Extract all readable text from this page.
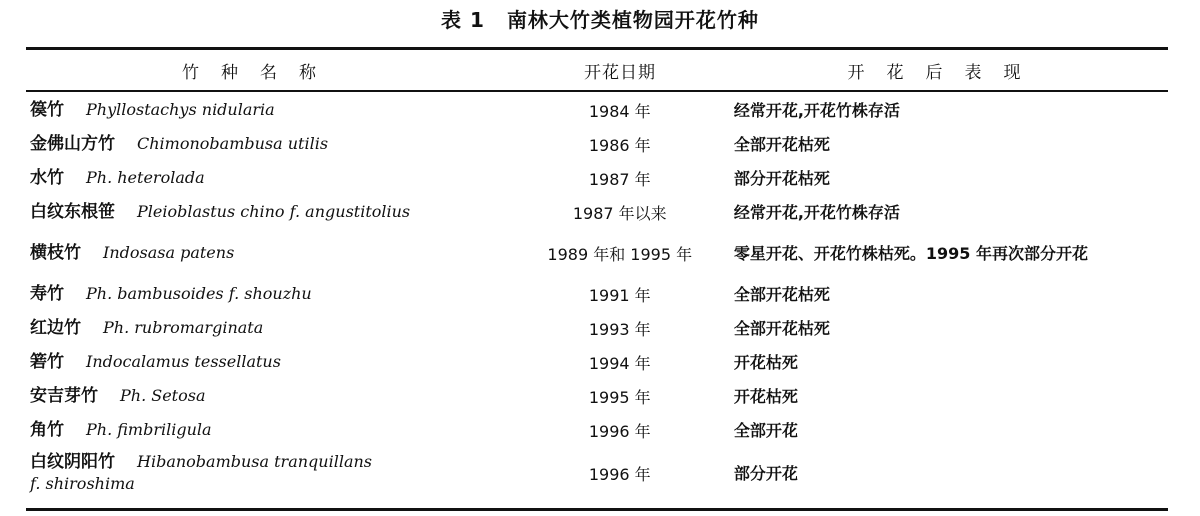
表 1 南林大竹类植物园开花竹种
竹种名称	开花日期	开花后表现
篌竹 Phyllostachys nidularia	1984 年	经常开花,开花竹株存活
金佛山方竹 Chimonobambusa utilis	1986 年	全部开花枯死
水竹 Ph. heterolada	1987 年	部分开花枯死
白纹东根笹 Pleioblastus chino f. angustitolius	1987 年以来	经常开花,开花竹株存活
横枝竹 Indosasa patens	1989 年和 1995 年	零星开花、开花竹株枯死。1995 年再次部分开花
寿竹 Ph. bambusoides f. shouzhu	1991 年	全部开花枯死
红边竹 Ph. rubromarginata	1993 年	全部开花枯死
箬竹 Indocalamus tessellatus	1994 年	开花枯死
安吉芽竹 Ph. Setosa	1995 年	开花枯死
角竹 Ph. fimbriligula	1996 年	全部开花
白纹阴阳竹 Hibanobambusa tranquillans
f. shiroshima	1996 年	部分开花
